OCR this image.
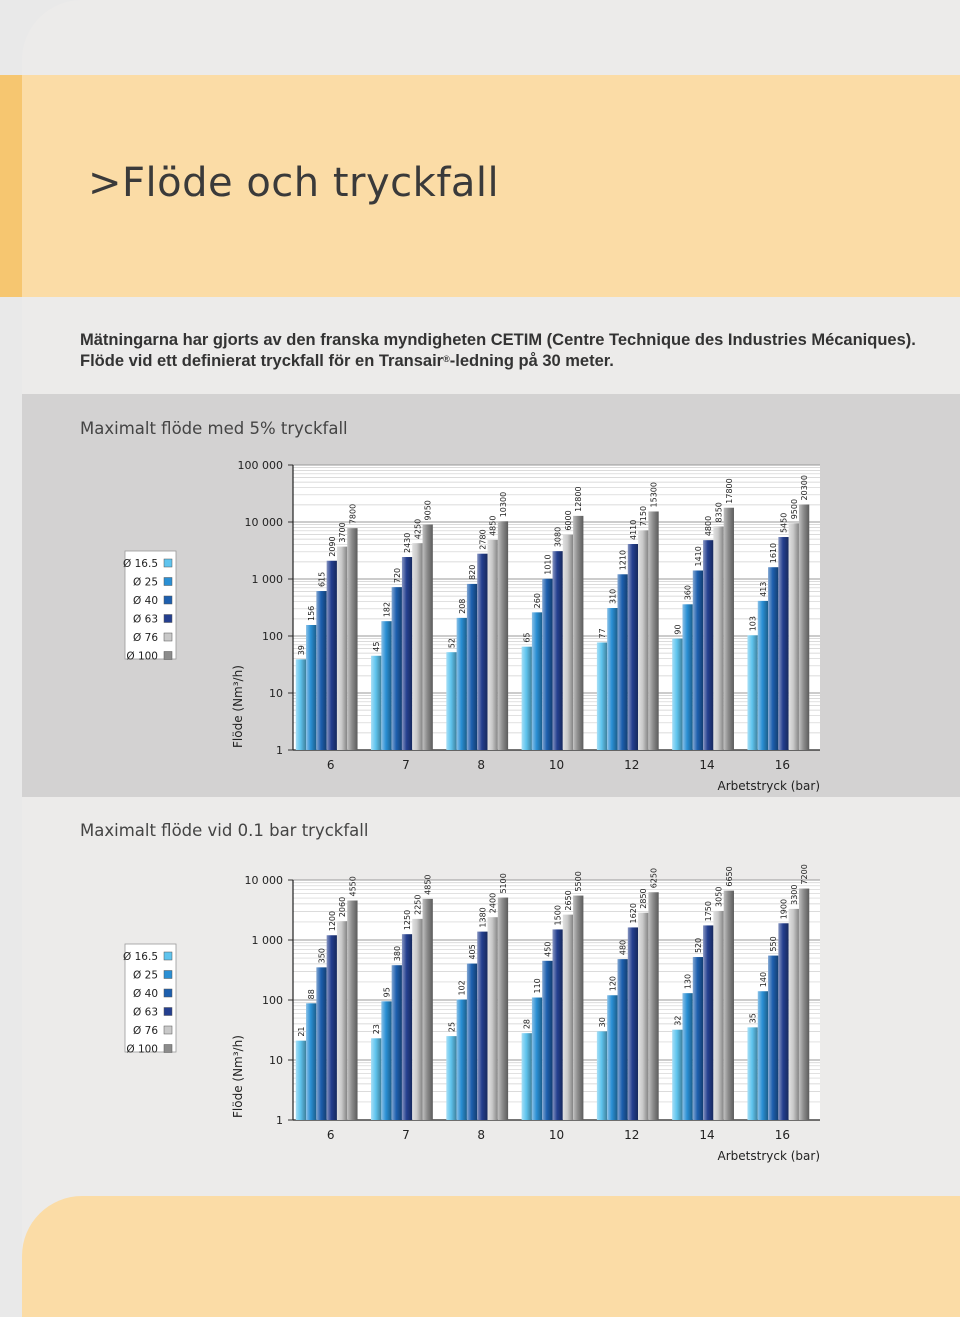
>Flöde och tryckfall

Mätningarna har gjorts av den franska myndigheten CETIM (Centre Technique des Industries Mécaniques).

Flöde vid ett definierat tryckfall för en Transair®-ledning på 30 meter.

Maximalt flöde med 5% tryckfall
1
10
100
1 000
10 000
100 000
39
156
615
2090
3700
7800
6
45
182
720
2430
4250
9050
7
52
208
820
2780
4850
10300
8
65
260
1010
3080
6000
12800
10
77
310
1210
4110
7150
15300
12
90
360
1410
4800
8350
17800
14
103
413
1610
5450
9500
20300
16
Arbetstryck (bar)
Flöde (Nm³/h)
Ø 16.5
Ø 25
Ø 40
Ø 63
Ø 76
Ø 100
Maximalt flöde vid 0.1 bar tryckfall
1
10
100
1 000
10 000
21
88
350
1200
2060
4550
6
23
95
380
1250
2250
4850
7
25
102
405
1380
2400
5100
8
28
110
450
1500
2650
5500
10
30
120
480
1620
2850
6250
12
32
130
520
1750
3050
6650
14
35
140
550
1900
3300
7200
16
Arbetstryck (bar)
Flöde (Nm³/h)
Ø 16.5
Ø 25
Ø 40
Ø 63
Ø 76
Ø 100
